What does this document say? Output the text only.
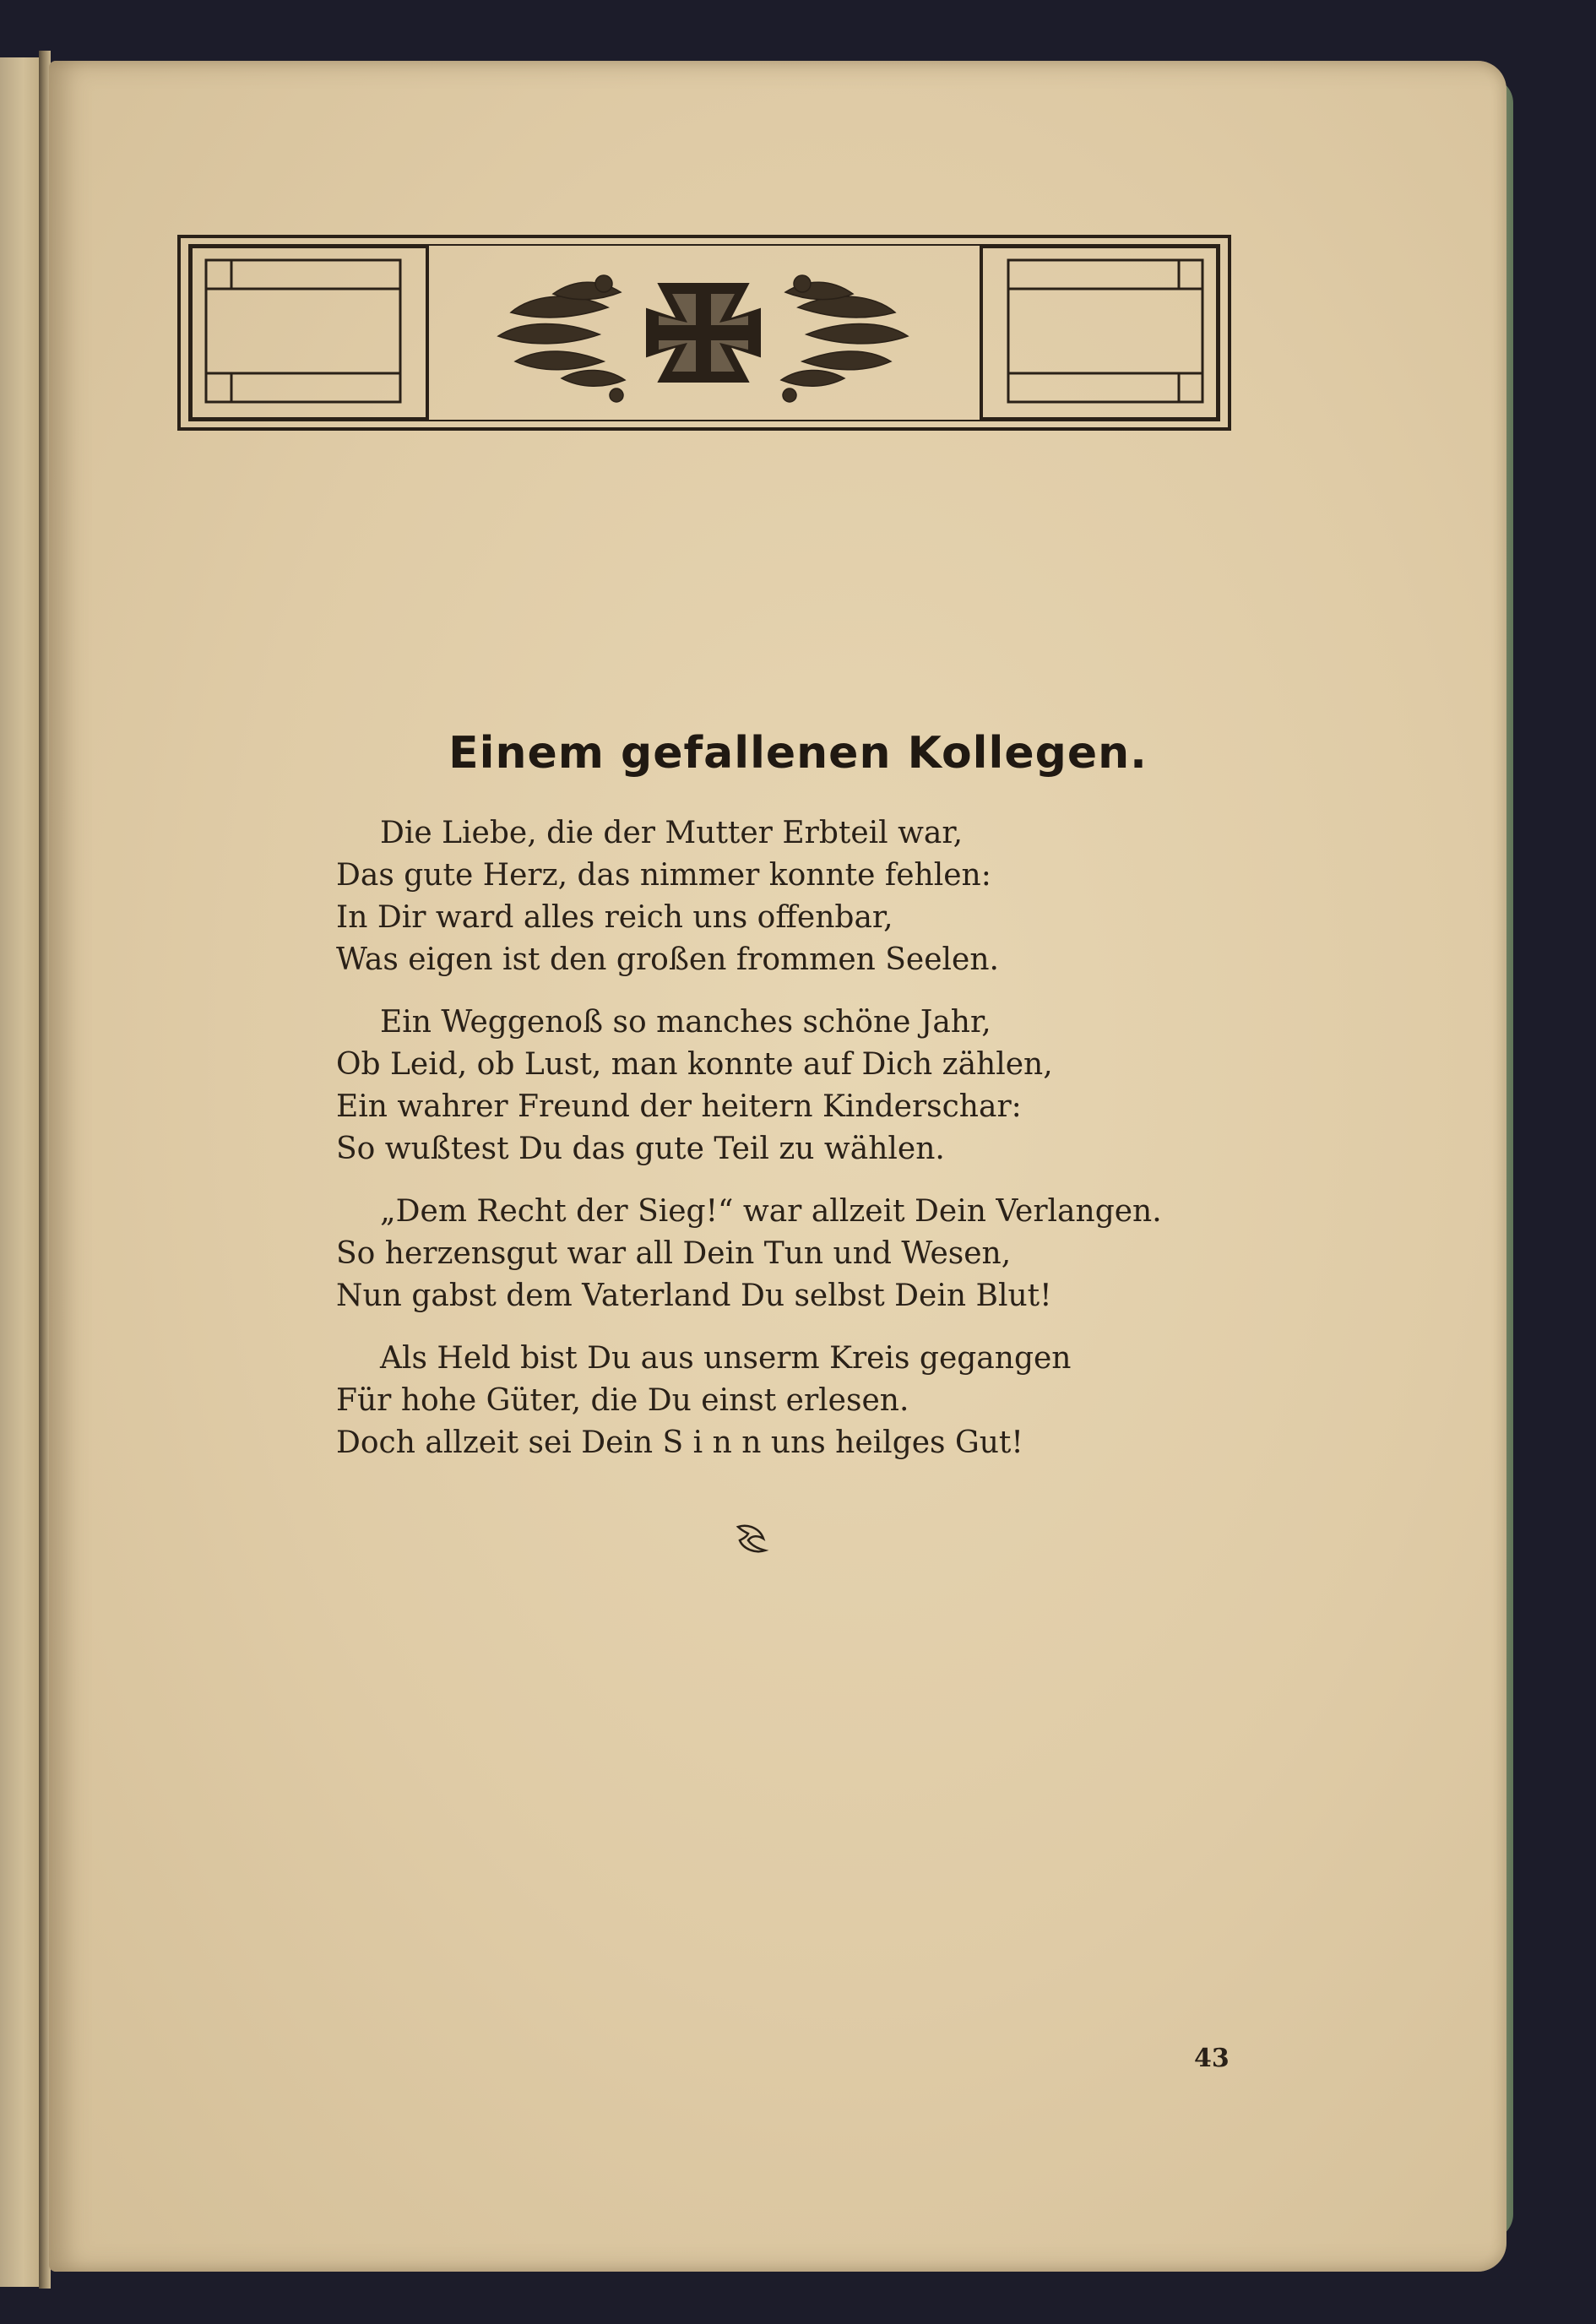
Einem gefallenen Kollegen.
Die Liebe, die der Mutter Erbteil war,
Das gute Herz, das nimmer konnte fehlen:
In Dir ward alles reich uns offenbar,
Was eigen ist den großen frommen Seelen.
Ein Weggenoß so manches schöne Jahr,
Ob Leid, ob Lust, man konnte auf Dich zählen,
Ein wahrer Freund der heitern Kinderschar:
So wußtest Du das gute Teil zu wählen.
„Dem Recht der Sieg!“ war allzeit Dein Verlangen.
So herzensgut war all Dein Tun und Wesen,
Nun gabst dem Vaterland Du selbst Dein Blut!
Als Held bist Du aus unserm Kreis gegangen
Für hohe Güter, die Du einst erlesen.
Doch allzeit sei Dein S i n n uns heilges Gut!
43
